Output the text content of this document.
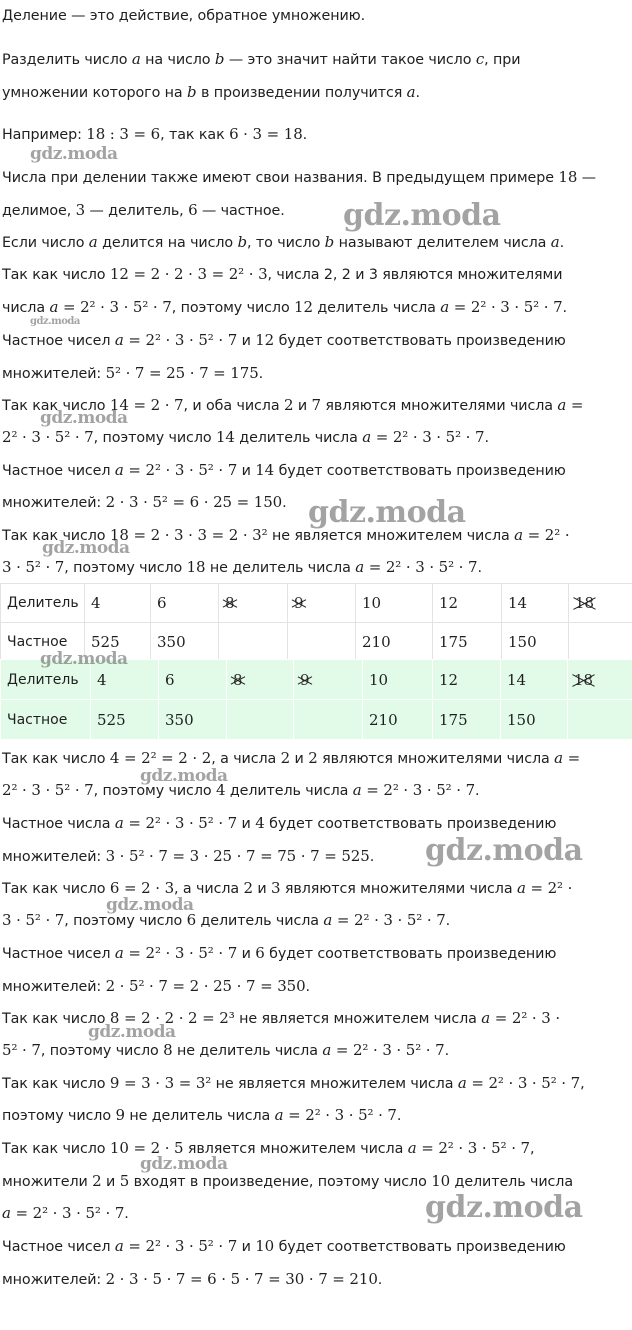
Деление — это действие, обратное умножению.
Разделить число a на число b — это значит найти такое число c, при
умножении которого на b в произведении получится a.
Например: 18 : 3 = 6, так как 6 · 3 = 18.
Числа при делении также имеют свои названия. В предыдущем примере 18 —
делимое, 3 — делитель, 6 — частное.
Если число a делится на число b, то число b называют делителем числа a.
Так как число 12 = 2 · 2 · 3 = 2² · 3, числа 2, 2 и 3 являются множителями
числа a = 2² · 3 · 5² · 7, поэтому число 12 делитель числа a = 2² · 3 · 5² · 7.
Частное чисел a = 2² · 3 · 5² · 7 и 12 будет соответствовать произведению
множителей: 5² · 7 = 25 · 7 = 175.
Так как число 14 = 2 · 7, и оба числа 2 и 7 являются множителями числа a =
2² · 3 · 5² · 7, поэтому число 14 делитель числа a = 2² · 3 · 5² · 7.
Частное чисел a = 2² · 3 · 5² · 7 и 14 будет соответствовать произведению
множителей: 2 · 3 · 5² = 6 · 25 = 150.
Так как число 18 = 2 · 3 · 3 = 2 · 3² не является множителем числа a = 2² ·
3 · 5² · 7, поэтому число 18 не делитель числа a = 2² · 3 · 5² · 7.
Так как число 4 = 2² = 2 · 2, а числа 2 и 2 являются множителями числа a =
2² · 3 · 5² · 7, поэтому число 4 делитель числа a = 2² · 3 · 5² · 7.
Частное числа a = 2² · 3 · 5² · 7 и 4 будет соответствовать произведению
множителей: 3 · 5² · 7 = 3 · 25 · 7 = 75 · 7 = 525.
Так как число 6 = 2 · 3, а числа 2 и 3 являются множителями числа a = 2² ·
3 · 5² · 7, поэтому число 6 делитель числа a = 2² · 3 · 5² · 7.
Частное чисел a = 2² · 3 · 5² · 7 и 6 будет соответствовать произведению
множителей: 2 · 5² · 7 = 2 · 25 · 7 = 350.
Так как число 8 = 2 · 2 · 2 = 2³ не является множителем числа a = 2² · 3 ·
5² · 7, поэтому число 8 не делитель числа a = 2² · 3 · 5² · 7.
Так как число 9 = 3 · 3 = 3² не является множителем числа a = 2² · 3 · 5² · 7,
поэтому число 9 не делитель числа a = 2² · 3 · 5² · 7.
Так как число 10 = 2 · 5 является множителем числа a = 2² · 3 · 5² · 7,
множители 2 и 5 входят в произведение, поэтому число 10 делитель числа
a = 2² · 3 · 5² · 7.
Частное чисел a = 2² · 3 · 5² · 7 и 10 будет соответствовать произведению
множителей: 2 · 3 · 5 · 7 = 6 · 5 · 7 = 30 · 7 = 210.
Делитель	4	6	8	9	10	12	14	18
Частное	525	350			210	175	150	
Делитель	4	6	8	9	10	12	14	18
Частное	525	350			210	175	150	
gdz.moda
gdz.moda
gdz.moda
gdz.moda
gdz.moda
gdz.moda
gdz.moda
gdz.moda
gdz.moda
gdz.moda
gdz.moda
gdz.moda
gdz.moda
